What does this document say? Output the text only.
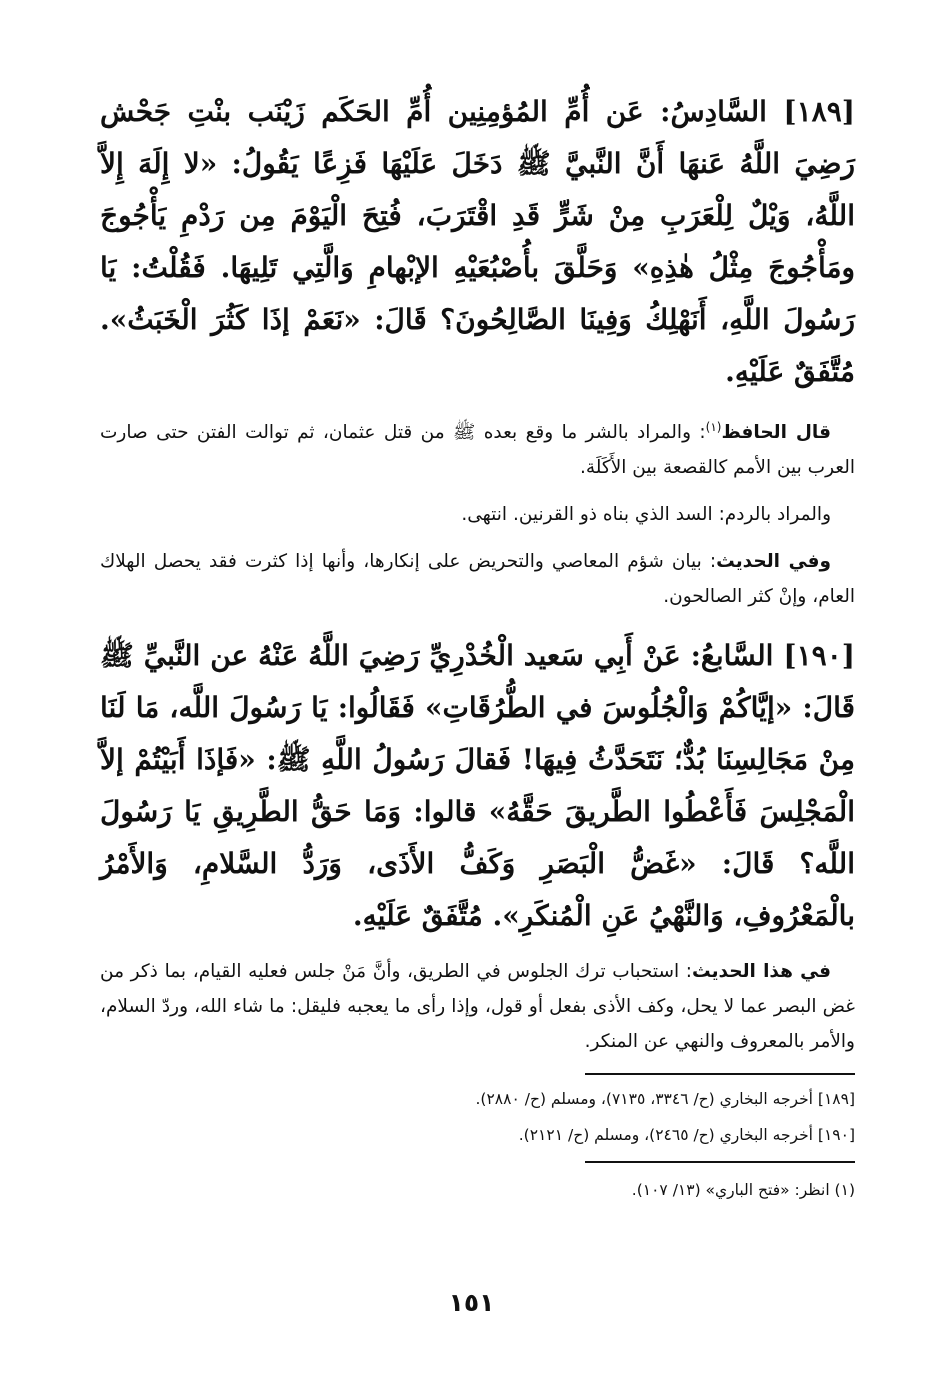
[١٨٩] السَّادِسُ: عَن أُمِّ المُؤمِنِين أُمِّ الحَكَم زَيْنَب بنْتِ جَحْش رَضِيَ اللَّهُ عَنهَا أَنَّ النَّبيَّ ﷺ دَخَلَ عَلَيْهَا فَزِعًا يَقُولُ: «لا إِلَهَ إِلاَّ اللَّهُ، وَيْلٌ لِلْعَرَبِ مِنْ شَرٍّ قَدِ اقْتَرَبَ، فُتِحَ الْيَوْمَ مِن رَدْمِ يَأْجُوجَ ومَأْجُوجَ مِثْلُ هٰذِهِ» وَحَلَّقَ بأُصْبُعَيْهِ الإبْهامِ وَالَّتِي تَلِيهَا. فَقُلْتُ: يَا رَسُولَ اللَّهِ، أَنَهْلِكُ وَفِينَا الصَّالِحُونَ؟ قَالَ: «نَعَمْ إذَا كَثُرَ الْخَبَثُ». مُتَّفَقٌ عَلَيْهِ.

قال الحافظ$^{(١)}$: والمراد بالشر ما وقع بعده ﷺ من قتل عثمان، ثم توالت الفتن حتى صارت العرب بين الأمم كالقصعة بين الأَكَلَة.

والمراد بالردم: السد الذي بناه ذو القرنين. انتهى.

وفي الحديث: بيان شؤم المعاصي والتحريض على إنكارها، وأنها إذا كثرت فقد يحصل الهلاك العام، وإنْ كثر الصالحون.

[١٩٠] السَّابعُ: عَنْ أَبِي سَعيد الْخُدْرِيِّ رَضِيَ اللَّهُ عَنْهُ عن النَّبيِّ ﷺ قَالَ: «إيَّاكُمْ وَالْجُلُوسَ في الطُّرُقَاتِ» فَقَالُوا: يَا رَسُولَ اللَّه، مَا لَنَا مِنْ مَجَالِسِنَا بُدٌّ؛ نَتَحَدَّثُ فِيهَا! فَقالَ رَسُولُ اللَّهِ ﷺ: «فَإذَا أَبَيْتُمْ إلاَّ الْمَجْلِسَ فَأَعْطُوا الطَّريقَ حَقَّهُ» قالوا: وَمَا حَقُّ الطَّرِيقِ يَا رَسُولَ اللَّه؟ قَالَ: «غَضُّ الْبَصَرِ وَكَفُّ الأَذَى، وَرَدُّ السَّلامِ، وَالأَمْرُ بالْمَعْرُوفِ، وَالنَّهْيُ عَنِ الْمُنكَرِ». مُتَّفَقٌ عَلَيْهِ.

في هذا الحديث: استحباب ترك الجلوس في الطريق، وأنَّ مَنْ جلس فعليه القيام، بما ذكر من غض البصر عما لا يحل، وكف الأذى بفعل أو قول، وإذا رأى ما يعجبه فليقل: ما شاء الله، وردّ السلام، والأمر بالمعروف والنهي عن المنكر.

[١٨٩] أخرجه البخاري (ح/ ٣٣٤٦، ٧١٣٥)، ومسلم (ح/ ٢٨٨٠).
[١٩٠] أخرجه البخاري (ح/ ٢٤٦٥)، ومسلم (ح/ ٢١٢١).

(١) انظر: «فتح الباري» (١٣/ ١٠٧).

١٥١
